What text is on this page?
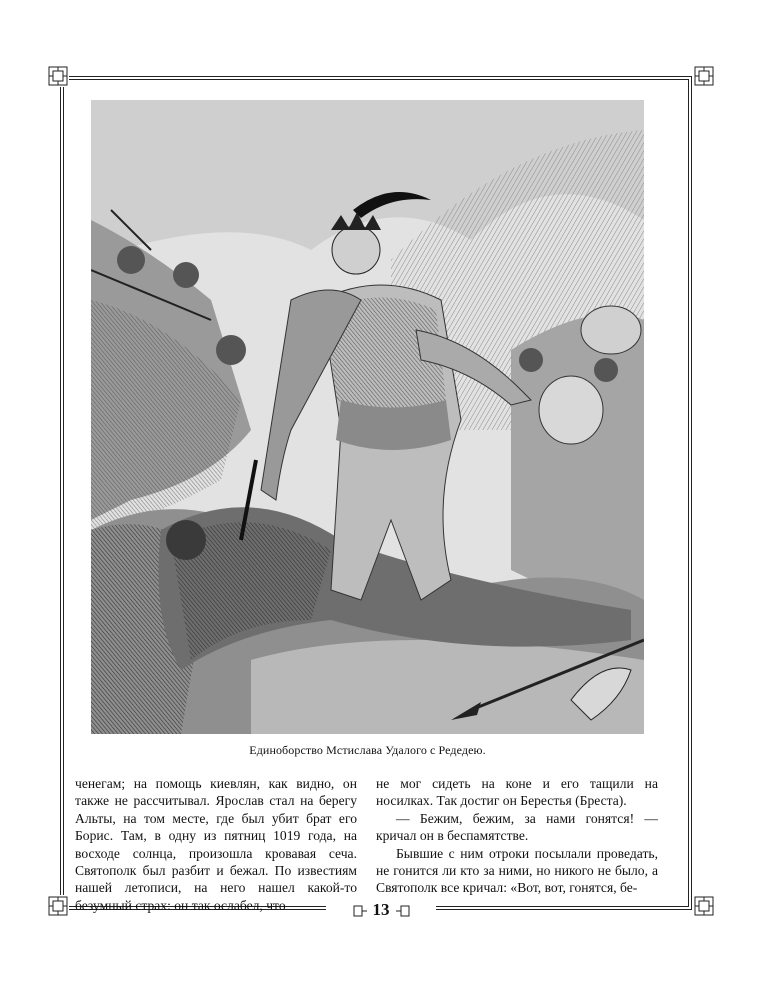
Единоборство Мстислава Удалого с Редедею.

ченегам; на помощь киевлян, как видно, он также не рассчитывал. Ярослав стал на берегу Альты, на том месте, где был убит брат его Борис. Там, в одну из пятниц 1019 года, на восходе солнца, произошла кровавая сеча. Святополк был разбит и бежал. По известиям нашей летописи, на него нашел какой-то безумный страх: он так ослабел, что

не мог сидеть на коне и его тащили на носилках. Так достиг он Берестья (Бреста).

— Бежим, бежим, за нами гонятся! — кричал он в беспамятстве.

Бывшие с ним отроки посылали проведать, не гонится ли кто за ними, но никого не было, а Святополк все кричал: «Вот, вот, гонятся, бе-

13
